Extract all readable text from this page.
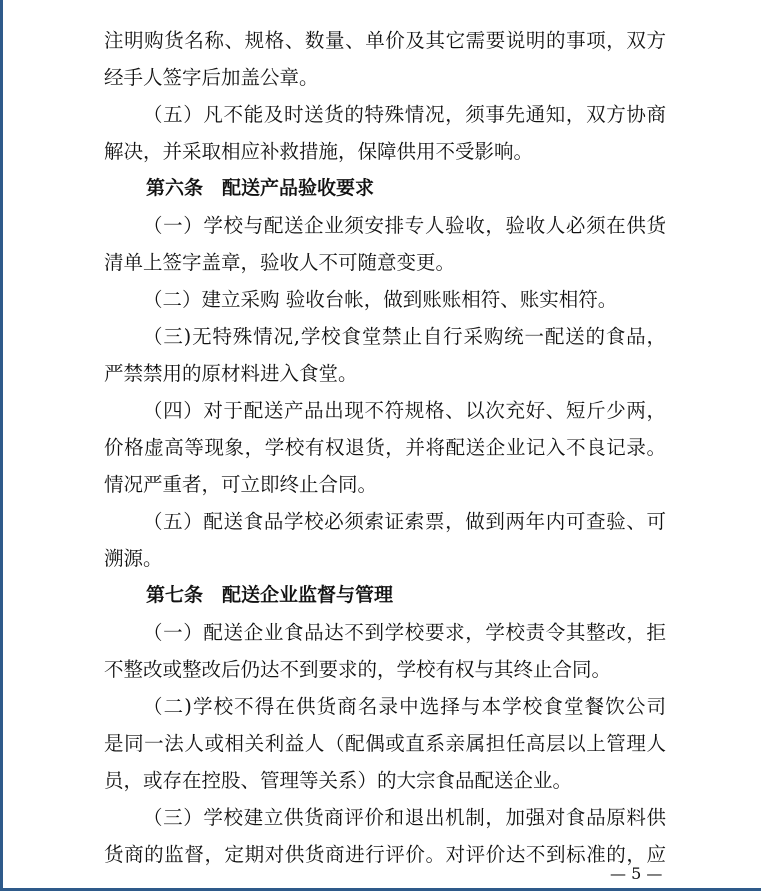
注明购货名称、规格、数量、单价及其它需要说明的事项，双方
经手人签字后加盖公章。
（五）凡不能及时送货的特殊情况，须事先通知，双方协商
解决，并采取相应补救措施，保障供用不受影响。
第六条　配送产品验收要求
（一）学校与配送企业须安排专人验收，验收人必须在供货
清单上签字盖章，验收人不可随意变更。
（二）建立采购 验收台帐，做到账账相符、账实相符。
（三)无特殊情况,学校食堂禁止自行采购统一配送的食品，
严禁禁用的原材料进入食堂。
（四）对于配送产品出现不符规格、以次充好、短斤少两，
价格虚高等现象，学校有权退货，并将配送企业记入不良记录。
情况严重者，可立即终止合同。
（五）配送食品学校必须索证索票，做到两年内可查验、可
溯源。
第七条　配送企业监督与管理
（一）配送企业食品达不到学校要求，学校责令其整改，拒
不整改或整改后仍达不到要求的，学校有权与其终止合同。
（二)学校不得在供货商名录中选择与本学校食堂餐饮公司
是同一法人或相关利益人（配偶或直系亲属担任高层以上管理人
员，或存在控股、管理等关系）的大宗食品配送企业。
（三）学校建立供货商评价和退出机制，加强对食品原料供
货商的监督，定期对供货商进行评价。对评价达不到标准的，应
— 5 —
